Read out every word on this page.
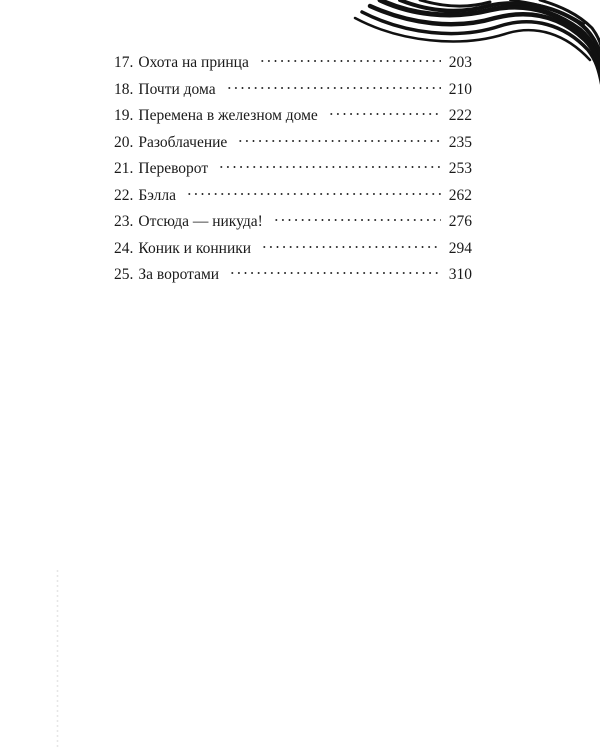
17. Охота на принца	203
18. Почти дома	210
19. Перемена в железном доме	222
20. Разоблачение	235
21. Переворот	253
22. Бэлла	262
23. Отсюда — никуда!	276
24. Коник и конники	294
25. За воротами	310
